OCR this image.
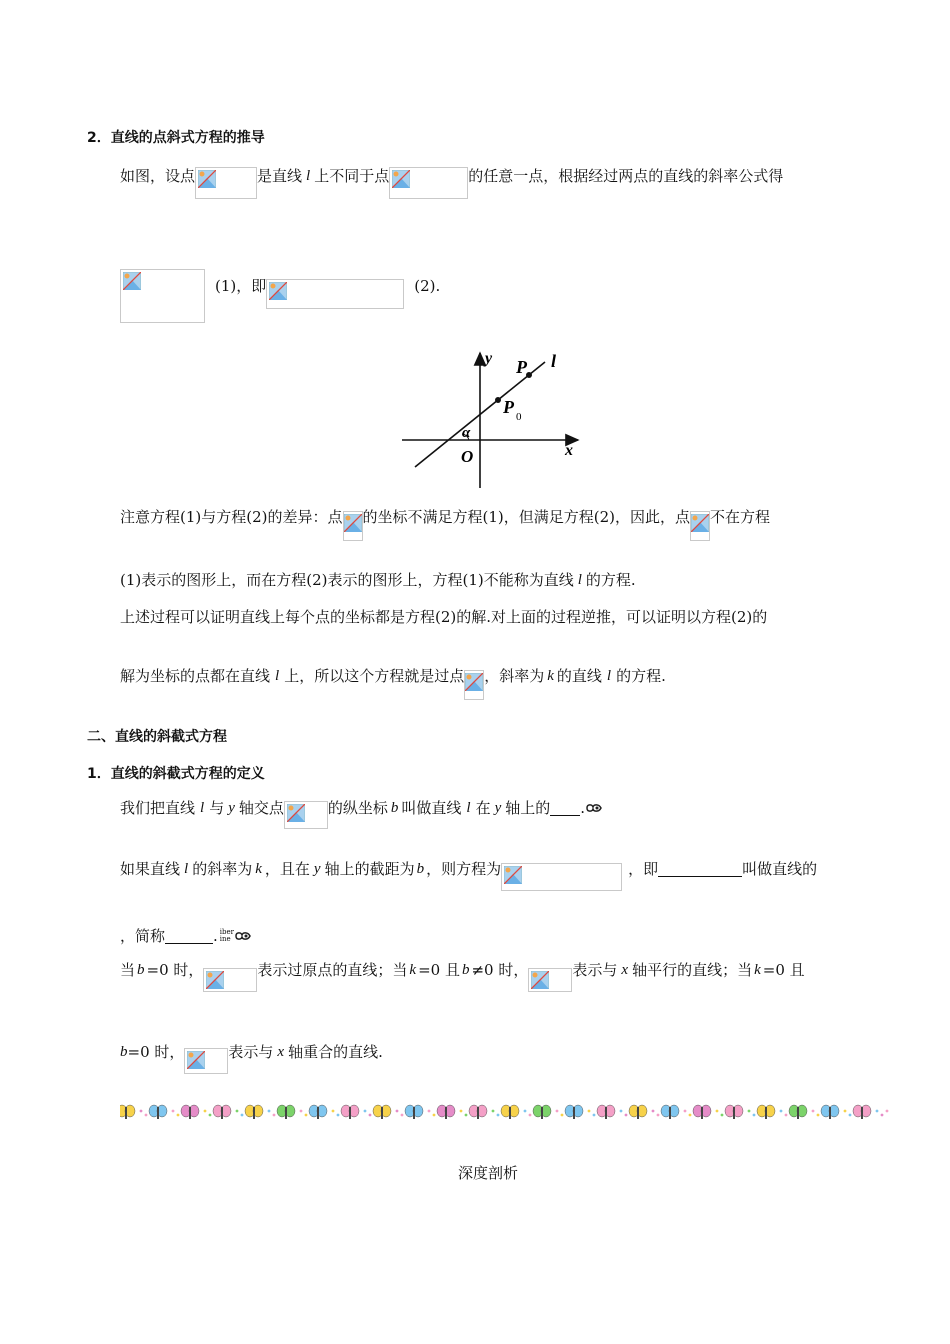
2．直线的点斜式方程的推导
如图，设点	是直线 l 上不同于点	的任意一点，根据经过两点的直线的斜率公式得
(1)，即	(2).
y
x
O
α
P
P 0
l
注意方程(1)与方程(2)的差异：点 的坐标不满足方程(1)，但满足方程(2)，因此，点 不在方程
(1)表示的图形上，而在方程(2)表示的图形上，方程(1)不能称为直线 l 的方程.
上述过程可以证明直线上每个点的坐标都是方程(2)的解.对上面的过程逆推，可以证明以方程(2)的
解为坐标的点都在直线 l 上，所以这个方程就是过点 ，斜率为 k 的直线 l 的方程.
二、直线的斜截式方程
1．直线的斜截式方程的定义
我们把直线 l 与 y 轴交点	的纵坐标 b 叫做直线 l 在 y 轴上的 .
如果直线 l 的斜率为 k ，且在 y 轴上的截距为 b ，则方程为	，即	叫做直线的
，简称	. iber
ine
当 b =0 时，	表示过原点的直线；当 k =0 且 b ≠0 时，	表示与 x 轴平行的直线；当 k =0 且
b =0 时，	表示与 x 轴重合的直线.
深度剖析
